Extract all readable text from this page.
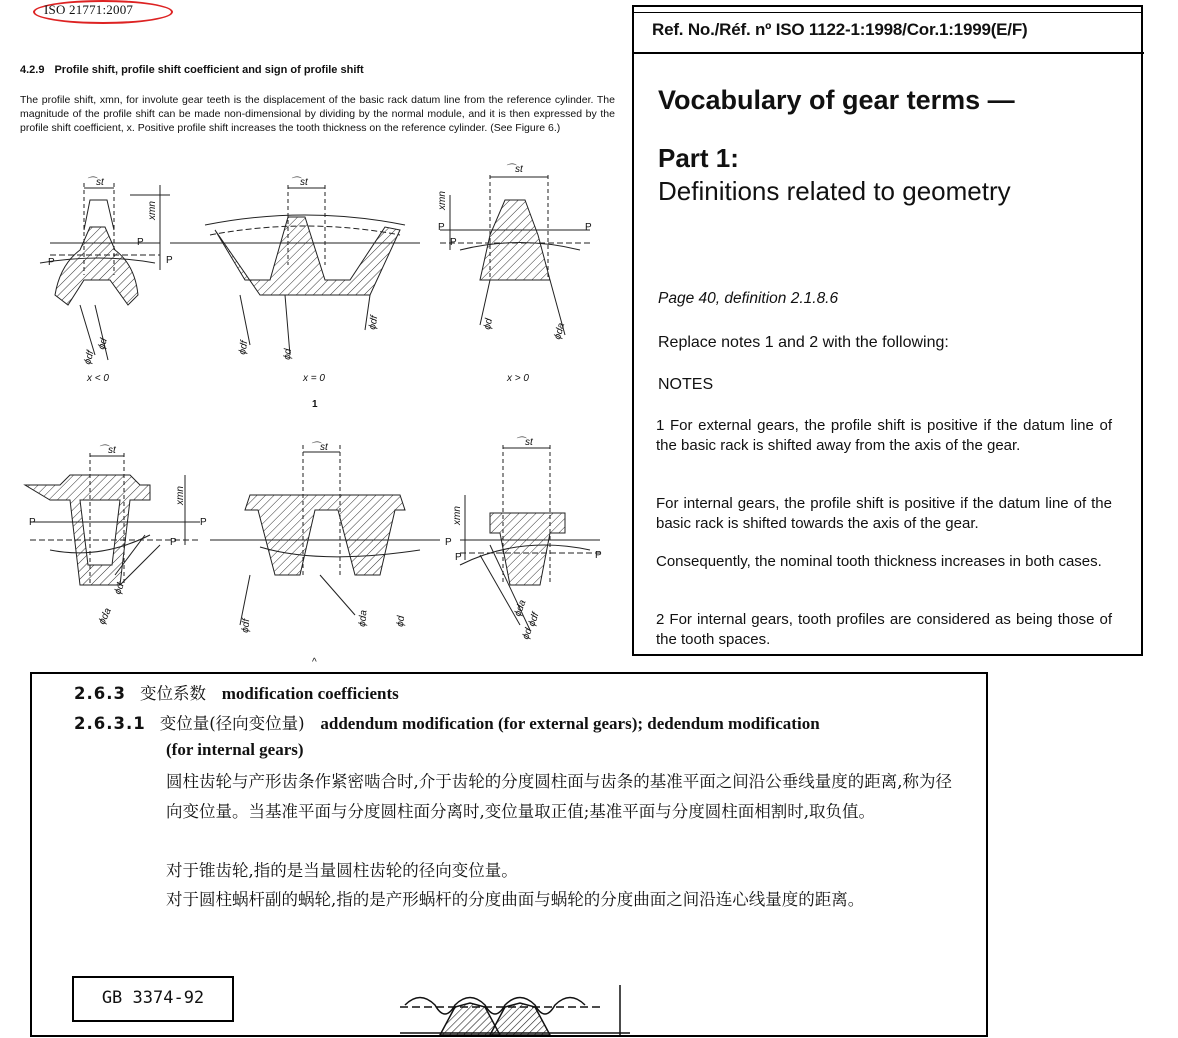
ISO 21771:2007
4.2.9 Profile shift, profile shift coefficient and sign of profile shift
The profile shift, xmn, for involute gear teeth is the displacement of the basic rack datum line from the reference cylinder. The magnitude of the profile shift can be made non-dimensional by dividing by the normal module, and it is then expressed by the profile shift coefficient, x. Positive profile shift increases the tooth thickness on the reference cylinder. (See Figure 6.)
⌒st	⌒st
⌒st
⌒st	⌒st	⌒st
xmn
xmn
xmn
xmn
P
P	P
P
P
P
P	P
P	P
P	P
ϕdf
ϕd	ϕdf	ϕd
ϕdf	ϕd	ϕda
ϕd
ϕda	ϕdf	ϕda	ϕd
ϕda
ϕd
ϕdf
x < 0	x = 0	x > 0
1
^
Ref. No./Réf. nº ISO 1122-1:1998/Cor.1:1999(E/F)
Vocabulary of gear terms —
Part 1:
Definitions related to geometry
Page 40, definition 2.1.8.6
Replace notes 1 and 2 with the following:
NOTES
1 For external gears, the profile shift is positive if the datum line of the basic rack is shifted away from the axis of the gear.
For internal gears, the profile shift is positive if the datum line of the basic rack is shifted towards the axis of the gear.
Consequently, the nominal tooth thickness increases in both cases.
2 For internal gears, tooth profiles are considered as being those of the tooth spaces.
2.6.3 变位系数 modification coefficients
2.6.3.1 变位量(径向变位量) addendum modification (for external gears); dedendum modification
(for internal gears)
圆柱齿轮与产形齿条作紧密啮合时,介于齿轮的分度圆柱面与齿条的基准平面之间沿公垂线量度的距离,称为径向变位量。当基准平面与分度圆柱面分离时,变位量取正值;基准平面与分度圆柱面相割时,取负值。
对于锥齿轮,指的是当量圆柱齿轮的径向变位量。
对于圆柱蜗杆副的蜗轮,指的是产形蜗杆的分度曲面与蜗轮的分度曲面之间沿连心线量度的距离。
GB 3374-92
